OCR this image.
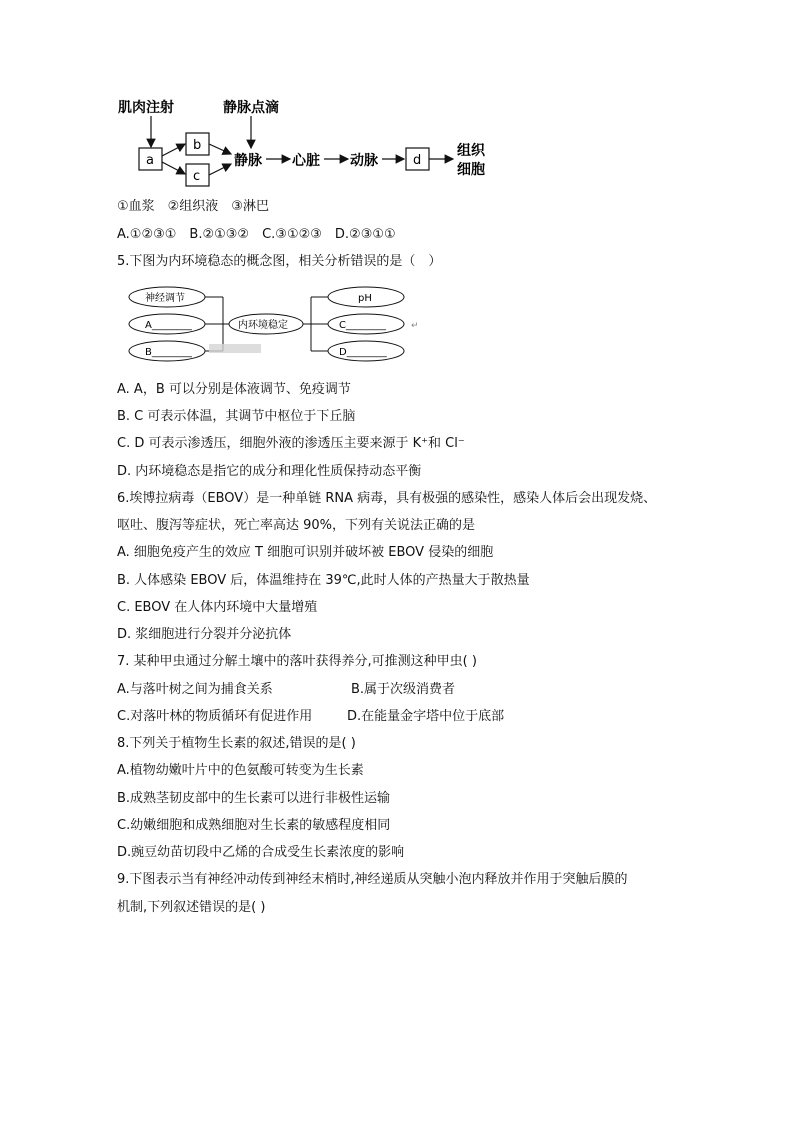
肌肉注射	静脉点滴
a
b
c
静脉 心脏 动脉	d
组织
细胞
①血浆　②组织液　③淋巴
A.①②③①　B.②①③②　C.③①②③　D.②③①①
5.下图为内环境稳态的概念图，相关分析错误的是（　）
神经调节
A________
B________
内环境稳定
pH
C________
D________
↵
A. A，B 可以分别是体液调节、免疫调节
B. C 可表示体温，其调节中枢位于下丘脑
C. D 可表示渗透压，细胞外液的渗透压主要来源于 K⁺和 Cl⁻
D. 内环境稳态是指它的成分和理化性质保持动态平衡
6.埃博拉病毒（EBOV）是一种单链 RNA 病毒，具有极强的感染性，感染人体后会出现发烧、
呕吐、腹泻等症状，死亡率高达 90%，下列有关说法正确的是
A. 细胞免疫产生的效应 T 细胞可识别并破坏被 EBOV 侵染的细胞
B. 人体感染 EBOV 后，体温维持在 39℃,此时人体的产热量大于散热量
C. EBOV 在人体内环境中大量增殖
D. 浆细胞进行分裂并分泌抗体
7. 某种甲虫通过分解土壤中的落叶获得养分,可推测这种甲虫( )
A.与落叶树之间为捕食关系	B.属于次级消费者
C.对落叶林的物质循环有促进作用	D.在能量金字塔中位于底部
8.下列关于植物生长素的叙述,错误的是( )
A.植物幼嫩叶片中的色氨酸可转变为生长素
B.成熟茎韧皮部中的生长素可以进行非极性运输
C.幼嫩细胞和成熟细胞对生长素的敏感程度相同
D.豌豆幼苗切段中乙烯的合成受生长素浓度的影响
9.下图表示当有神经冲动传到神经末梢时,神经递质从突触小泡内释放并作用于突触后膜的
机制,下列叙述错误的是( )
